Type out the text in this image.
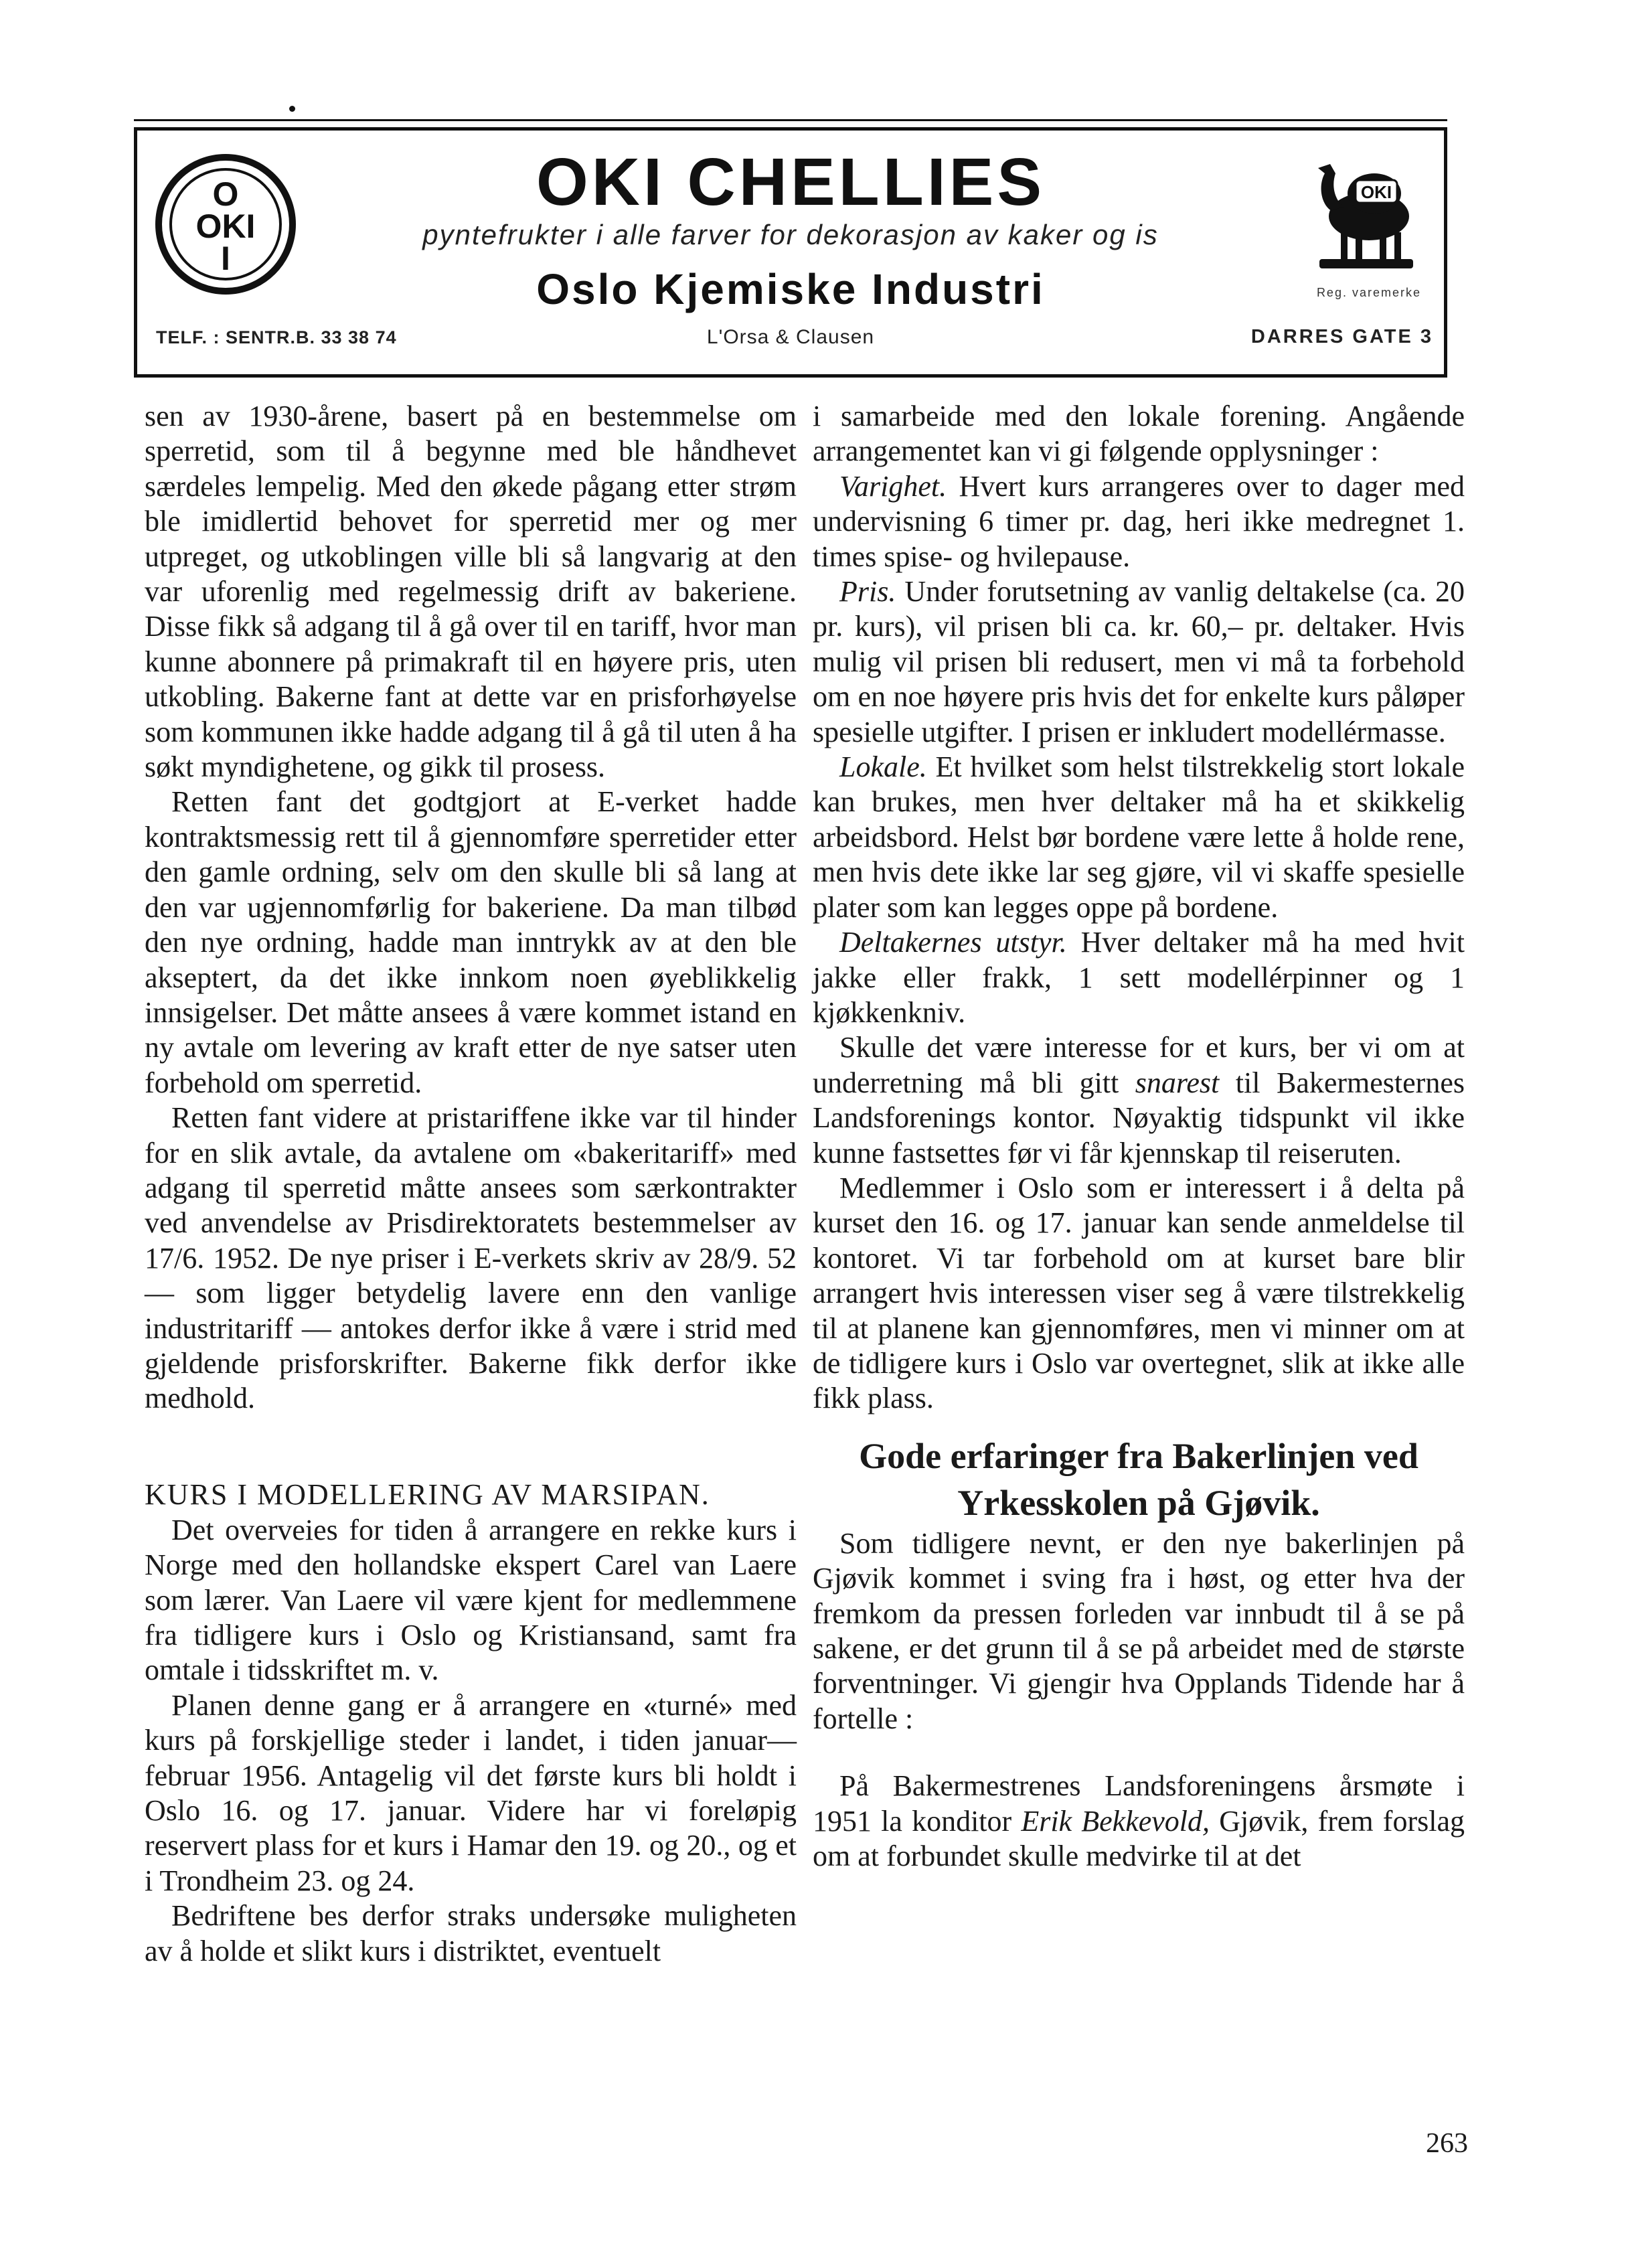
O
OKI
I
OKI CHELLIES
pyntefrukter i alle farver for dekorasjon av kaker og is
Oslo Kjemiske Industri
L'Orsa & Clausen
TELF. : SENTR.B. 33 38 74	DARRES GATE 3
OKI
Reg. varemerke

sen av 1930-årene, basert på en bestemmelse om sperretid, som til å begynne med ble håndhevet særdeles lempelig. Med den økede pågang etter strøm ble imidlertid behovet for sperretid mer og mer utpreget, og utkoblingen ville bli så langvarig at den var uforenlig med regelmessig drift av bakeriene. Disse fikk så adgang til å gå over til en tariff, hvor man kunne abonnere på primakraft til en høyere pris, uten utkobling. Bakerne fant at dette var en prisforhøyelse som kommunen ikke hadde adgang til å gå til uten å ha søkt myndighetene, og gikk til prosess.

Retten fant det godtgjort at E-verket hadde kontraktsmessig rett til å gjennomføre sperretider etter den gamle ordning, selv om den skulle bli så lang at den var ugjennomførlig for bakeriene. Da man tilbød den nye ordning, hadde man inntrykk av at den ble akseptert, da det ikke innkom noen øyeblikkelig innsigelser. Det måtte ansees å være kommet istand en ny avtale om levering av kraft etter de nye satser uten forbehold om sperretid.

Retten fant videre at pristariffene ikke var til hinder for en slik avtale, da avtalene om «bakeritariff» med adgang til sperretid måtte ansees som særkontrakter ved anvendelse av Prisdirektoratets bestemmelser av 17/6. 1952. De nye priser i E-verkets skriv av 28/9. 52 — som ligger betydelig lavere enn den vanlige industritariff — antokes derfor ikke å være i strid med gjeldende prisforskrifter. Bakerne fikk derfor ikke medhold.

KURS I MODELLERING AV MARSIPAN.

Det overveies for tiden å arrangere en rekke kurs i Norge med den hollandske ekspert Carel van Laere som lærer. Van Laere vil være kjent for medlemmene fra tidligere kurs i Oslo og Kristiansand, samt fra omtale i tidsskriftet m. v.

Planen denne gang er å arrangere en «turné» med kurs på forskjellige steder i landet, i tiden januar—februar 1956. Antagelig vil det første kurs bli holdt i Oslo 16. og 17. januar. Videre har vi foreløpig reservert plass for et kurs i Hamar den 19. og 20., og et i Trondheim 23. og 24.

Bedriftene bes derfor straks undersøke muligheten av å holde et slikt kurs i distriktet, eventuelt

i samarbeide med den lokale forening. Angående arrangementet kan vi gi følgende opplysninger :

Varighet. Hvert kurs arrangeres over to dager med undervisning 6 timer pr. dag, heri ikke medregnet 1. times spise- og hvilepause.

Pris. Under forutsetning av vanlig deltakelse (ca. 20 pr. kurs), vil prisen bli ca. kr. 60,– pr. deltaker. Hvis mulig vil prisen bli redusert, men vi må ta forbehold om en noe høyere pris hvis det for enkelte kurs påløper spesielle utgifter. I prisen er inkludert modellérmasse.

Lokale. Et hvilket som helst tilstrekkelig stort lokale kan brukes, men hver deltaker må ha et skikkelig arbeidsbord. Helst bør bordene være lette å holde rene, men hvis dete ikke lar seg gjøre, vil vi skaffe spesielle plater som kan legges oppe på bordene.

Deltakernes utstyr. Hver deltaker må ha med hvit jakke eller frakk, 1 sett modellérpinner og 1 kjøkkenkniv.

Skulle det være interesse for et kurs, ber vi om at underretning må bli gitt snarest til Bakermesternes Landsforenings kontor. Nøyaktig tidspunkt vil ikke kunne fastsettes før vi får kjennskap til reiseruten.

Medlemmer i Oslo som er interessert i å delta på kurset den 16. og 17. januar kan sende anmeldelse til kontoret. Vi tar forbehold om at kurset bare blir arrangert hvis interessen viser seg å være tilstrekkelig til at planene kan gjennomføres, men vi minner om at de tidligere kurs i Oslo var overtegnet, slik at ikke alle fikk plass.

Gode erfaringer fra Bakerlinjen ved Yrkesskolen på Gjøvik.

Som tidligere nevnt, er den nye bakerlinjen på Gjøvik kommet i sving fra i høst, og etter hva der fremkom da pressen forleden var innbudt til å se på sakene, er det grunn til å se på arbeidet med de største forventninger. Vi gjengir hva Opplands Tidende har å fortelle :

På Bakermestrenes Landsforeningens årsmøte i 1951 la konditor Erik Bekkevold, Gjøvik, frem forslag om at forbundet skulle medvirke til at det

263
